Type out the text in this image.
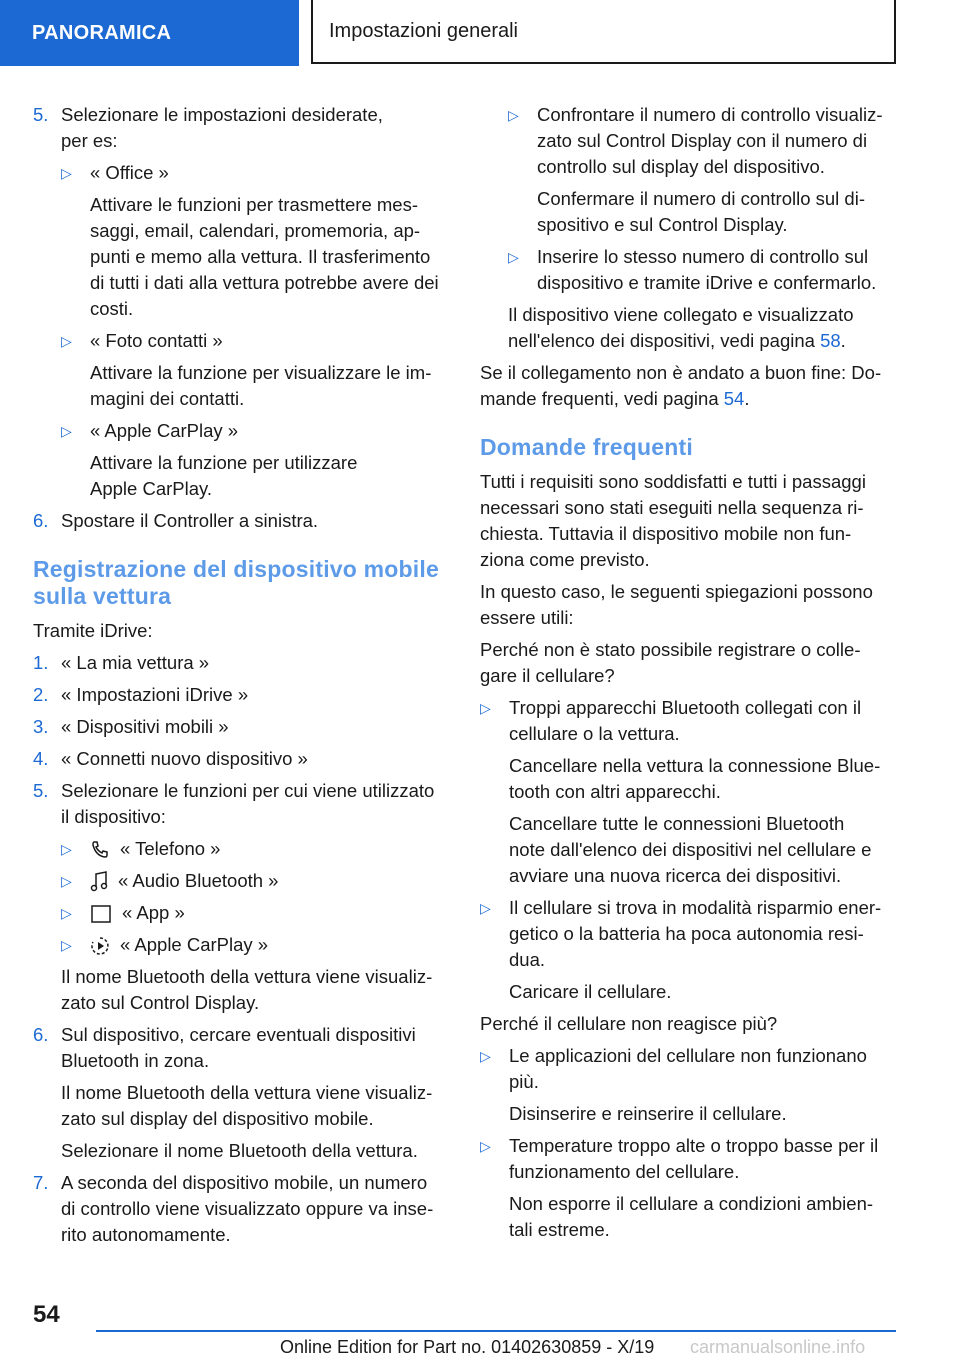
PANORAMICA	Impostazioni generali
5. Selezionare le impostazioni desiderate,
per es:

▷ « Office »

Attivare le funzioni per trasmettere mes-
saggi, email, calendari, promemoria, ap-
punti e memo alla vettura. Il trasferimento
di tutti i dati alla vettura potrebbe avere dei
costi.

▷ « Foto contatti »

Attivare la funzione per visualizzare le im-
magini dei contatti.

▷ « Apple CarPlay »

Attivare la funzione per utilizzare
Apple CarPlay.

6. Spostare il Controller a sinistra.

Registrazione del dispositivo mobile
sulla vettura

Tramite iDrive:

1. « La mia vettura »

2. « Impostazioni iDrive »

3. « Dispositivi mobili »

4. « Connetti nuovo dispositivo »

5. Selezionare le funzioni per cui viene utilizzato
il dispositivo:

▷	« Telefono »

▷	« Audio Bluetooth »

▷	« App »

▷	« Apple CarPlay »

Il nome Bluetooth della vettura viene visualiz-
zato sul Control Display.

6. Sul dispositivo, cercare eventuali dispositivi
Bluetooth in zona.

Il nome Bluetooth della vettura viene visualiz-
zato sul display del dispositivo mobile.

Selezionare il nome Bluetooth della vettura.

7. A seconda del dispositivo mobile, un numero
di controllo viene visualizzato oppure va inse-
rito autonomamente.

▷ Confrontare il numero di controllo visualiz-
zato sul Control Display con il numero di
controllo sul display del dispositivo.

Confermare il numero di controllo sul di-
spositivo e sul Control Display.

▷ Inserire lo stesso numero di controllo sul
dispositivo e tramite iDrive e confermarlo.

Il dispositivo viene collegato e visualizzato
nell'elenco dei dispositivi, vedi pagina 58.

Se il collegamento non è andato a buon fine: Do-
mande frequenti, vedi pagina 54.

Domande frequenti

Tutti i requisiti sono soddisfatti e tutti i passaggi
necessari sono stati eseguiti nella sequenza ri-
chiesta. Tuttavia il dispositivo mobile non fun-
ziona come previsto.

In questo caso, le seguenti spiegazioni possono
essere utili:

Perché non è stato possibile registrare o colle-
gare il cellulare?

▷ Troppi apparecchi Bluetooth collegati con il
cellulare o la vettura.

Cancellare nella vettura la connessione Blue-
tooth con altri apparecchi.

Cancellare tutte le connessioni Bluetooth
note dall'elenco dei dispositivi nel cellulare e
avviare una nuova ricerca dei dispositivi.

▷ Il cellulare si trova in modalità risparmio ener-
getico o la batteria ha poca autonomia resi-
dua.

Caricare il cellulare.

Perché il cellulare non reagisce più?

▷ Le applicazioni del cellulare non funzionano
più.

Disinserire e reinserire il cellulare.

▷ Temperature troppo alte o troppo basse per il
funzionamento del cellulare.

Non esporre il cellulare a condizioni ambien-
tali estreme.

54
Online Edition for Part no. 01402630859 - X/19	carmanualsonline.info
